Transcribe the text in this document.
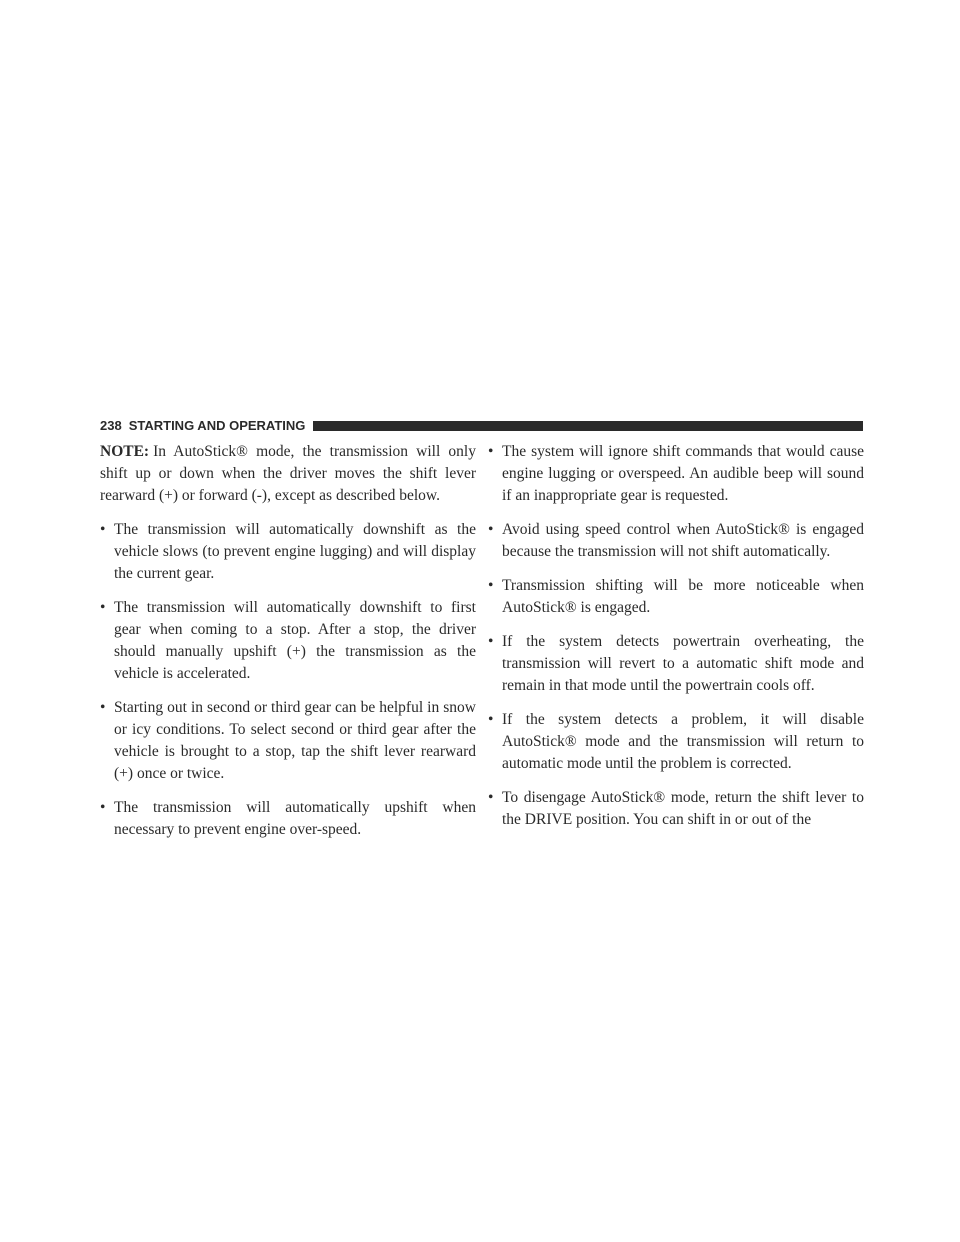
238 STARTING AND OPERATING

NOTE: In AutoStick® mode, the transmission will only shift up or down when the driver moves the shift lever rearward (+) or forward (-), except as described below.

• The transmission will automatically downshift as the vehicle slows (to prevent engine lugging) and will display the current gear.
• The transmission will automatically downshift to first gear when coming to a stop. After a stop, the driver should manually upshift (+) the transmission as the vehicle is accelerated.
• Starting out in second or third gear can be helpful in snow or icy conditions. To select second or third gear after the vehicle is brought to a stop, tap the shift lever rearward (+) once or twice.
• The transmission will automatically upshift when necessary to prevent engine over-speed.
• The system will ignore shift commands that would cause engine lugging or overspeed. An audible beep will sound if an inappropriate gear is requested.
• Avoid using speed control when AutoStick® is engaged because the transmission will not shift automatically.
• Transmission shifting will be more noticeable when AutoStick® is engaged.
• If the system detects powertrain overheating, the transmission will revert to a automatic shift mode and remain in that mode until the powertrain cools off.
• If the system detects a problem, it will disable AutoStick® mode and the transmission will return to automatic mode until the problem is corrected.
• To disengage AutoStick® mode, return the shift lever to the DRIVE position. You can shift in or out of the
